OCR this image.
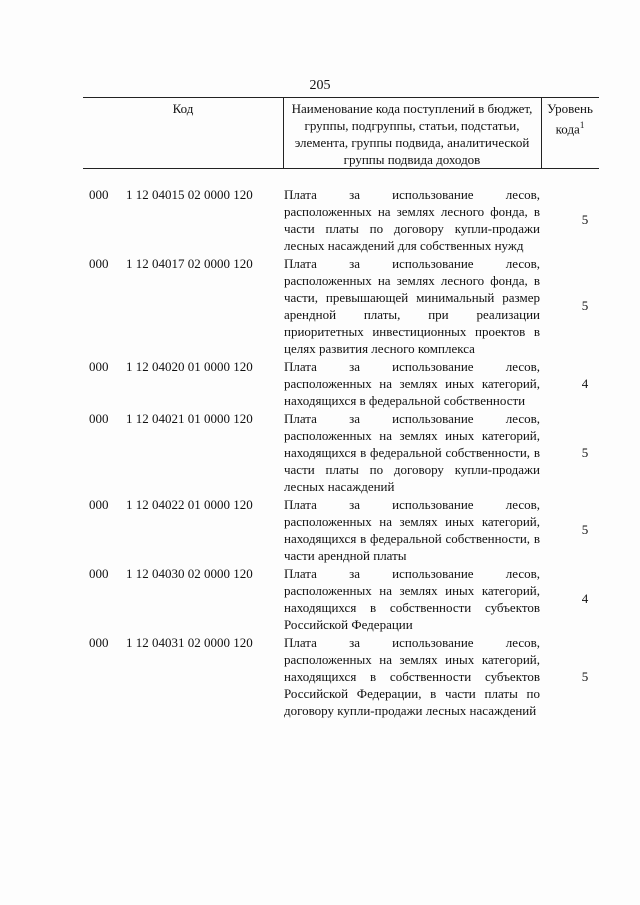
205
Код	Наименование кода поступлений в бюджет, группы, подгруппы, статьи, подстатьи, элемента, группы подвида, аналитической группы подвида доходов
Уровень кода$^1$
000 1 12 04015 02 0000 120 Плата за использование лесов, расположенных на землях лесного фонда, в части платы по договору купли-продажи лесных насаждений для собственных нужд
5
000 1 12 04017 02 0000 120 Плата за использование лесов, расположенных на землях лесного фонда, в части, превышающей минимальный размер арендной платы, при реализации приоритетных инвестиционных проектов в целях развития лесного комплекса
5
000 1 12 04020 01 0000 120 Плата за использование лесов, расположенных на землях иных категорий, находящихся в федеральной собственности
4
000 1 12 04021 01 0000 120 Плата за использование лесов, расположенных на землях иных категорий, находящихся в федеральной собственности, в части платы по договору купли-продажи лесных насаждений
5
000 1 12 04022 01 0000 120 Плата за использование лесов, расположенных на землях иных категорий, находящихся в федеральной собственности, в части арендной платы
5
000 1 12 04030 02 0000 120 Плата за использование лесов, расположенных на землях иных категорий, находящихся в собственности субъектов Российской Федерации
4
000 1 12 04031 02 0000 120 Плата за использование лесов, расположенных на землях иных категорий, находящихся в собственности субъектов Российской Федерации, в части платы по договору купли-продажи лесных насаждений
5
